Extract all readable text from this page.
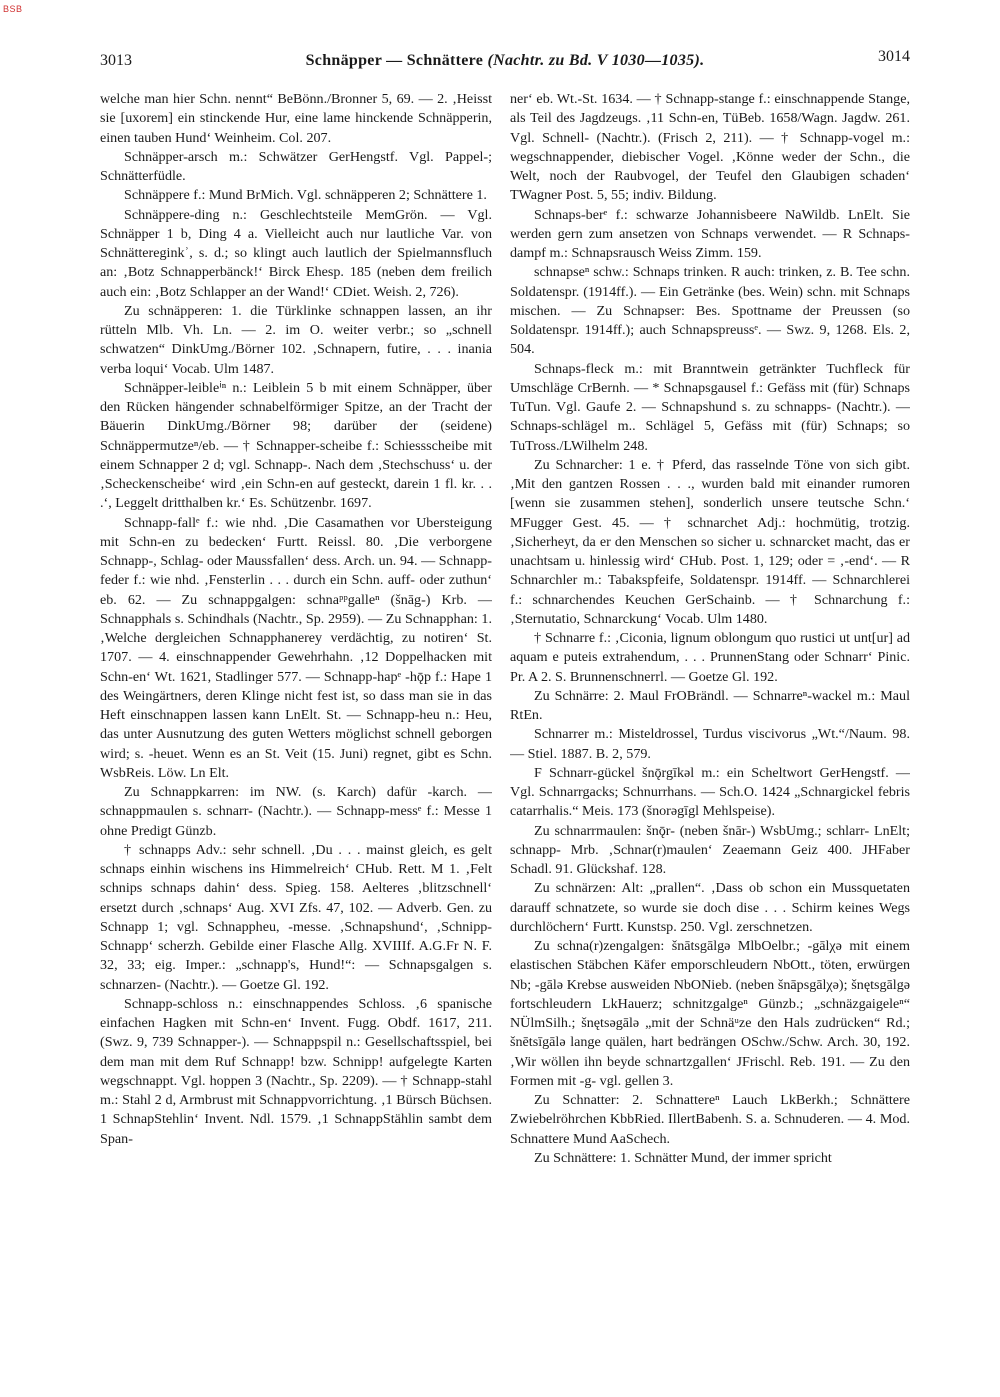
BSB
3013	Schnäpper — Schnättere (Nachtr. zu Bd. V 1030—1035).	3014

welche man hier Schn. nennt“ BeBönn./Bronner 5, 69. — 2. ‚Heisst sie [uxorem] ein stinckende Hur, eine lame hinckende Schnäpperin, einen tauben Hund‘ Weinheim. Col. 207.

Schnäpper-arsch m.: Schwätzer GerHengstf. Vgl. Pappel-; Schnätterfüdle.

Schnäppere f.: Mund BrMich. Vgl. schnäpperen 2; Schnättere 1.

Schnäppere-ding n.: Geschlechtsteile MemGrön. — Vgl. Schnäpper 1 b, Ding 4 a. Vielleicht auch nur lautliche Var. von Schnättereginkʾ, s. d.; so klingt auch lautlich der Spielmannsfluch an: ‚Botz Schnapperbänck!‘ Birck Ehesp. 185 (neben dem freilich auch ein: ‚Botz Schlapper an der Wand!‘ CDiet. Weish. 2, 726).

Zu schnäpperen: 1. die Türklinke schnappen lassen, an ihr rütteln Mlb. Vh. Ln. — 2. im O. weiter verbr.; so „schnell schwatzen“ DinkUmg./Börner 102. ‚Schnapern, futire, . . . inania verba loqui‘ Vocab. Ulm 1487.

Schnäpper-leibleⁱⁿ n.: Leiblein 5 b mit einem Schnäpper, über den Rücken hängender schnabelförmiger Spitze, an der Tracht der Bäuerin DinkUmg./Börner 98; darüber der (seidene) Schnäppermutzeⁿ/eb. — † Schnapper-scheibe f.: Schiessscheibe mit einem Schnapper 2 d; vgl. Schnapp-. Nach dem ‚Stechschuss‘ u. der ‚Scheckenscheibe‘ wird ‚ein Schn-en auf gesteckt, darein 1 fl. kr. . . .‘, Leggelt dritthalben kr.‘ Es. Schützenbr. 1697.

Schnapp-fallᵉ f.: wie nhd. ‚Die Casamathen vor Ubersteigung mit Schn-en zu bedecken‘ Furtt. Reissl. 80. ‚Die verborgene Schnapp-, Schlag- oder Maussfallen‘ dess. Arch. un. 94. — Schnapp-feder f.: wie nhd. ‚Fensterlin . . . durch ein Schn. auff- oder zuthun‘ eb. 62. — Zu schnappgalgen: schnaᵖᵖgalleⁿ (šnāg-) Krb. — Schnapphals s. Schindhals (Nachtr., Sp. 2959). — Zu Schnapphan: 1. ‚Welche dergleichen Schnapphanerey verdächtig, zu notiren‘ St. 1707. — 4. einschnappender Gewehrhahn. ‚12 Doppelhacken mit Schn-en‘ Wt. 1621, Stadlinger 577. — Schnapp-hapᵉ -hǭp f.: Hape 1 des Weingärtners, deren Klinge nicht fest ist, so dass man sie in das Heft einschnappen lassen kann LnElt. St. — Schnapp-heu n.: Heu, das unter Ausnutzung des guten Wetters möglichst schnell geborgen wird; s. -heuet. Wenn es an St. Veit (15. Juni) regnet, gibt es Schn. WsbReis. Löw. Ln Elt.

Zu Schnappkarren: im NW. (s. Karch) dafür -karch. — schnappmaulen s. schnarr- (Nachtr.). — Schnapp-messᵉ f.: Messe 1 ohne Predigt Günzb.

† schnapps Adv.: sehr schnell. ‚Du . . . mainst gleich, es gelt schnaps einhin wischens ins Himmelreich‘ CHub. Rett. M 1. ‚Felt schnips schnaps dahin‘ dess. Spieg. 158. Aelteres ‚blitzschnell‘ ersetzt durch ‚schnaps‘ Aug. XVI Zfs. 47, 102. — Adverb. Gen. zu Schnapp 1; vgl. Schnappheu, -messe. ‚Schnapshund‘, ‚Schnipp-Schnapp‘ scherzh. Gebilde einer Flasche Allg. XVIIIf. A.G.Fr N. F. 32, 33; eig. Imper.: „schnapp's, Hund!“: — Schnapsgalgen s. schnarzen- (Nachtr.). — Goetze Gl. 192.

Schnapp-schloss n.: einschnappendes Schloss. ‚6 spanische einfachen Hagken mit Schn-en‘ Invent. Fugg. Obdf. 1617, 211. (Swz. 9, 739 Schnapper-). — Schnappspil n.: Gesellschaftsspiel, bei dem man mit dem Ruf Schnapp! bzw. Schnipp! aufgelegte Karten wegschnappt. Vgl. hoppen 3 (Nachtr., Sp. 2209). — † Schnapp-stahl m.: Stahl 2 d, Armbrust mit Schnappvorrichtung. ‚1 Bürsch Büchsen. 1 SchnapStehlin‘ Invent. Ndl. 1579. ‚1 SchnappStählin sambt dem Span-

ner‘ eb. Wt.-St. 1634. — † Schnapp-stange f.: einschnappende Stange, als Teil des Jagdzeugs. ‚11 Schn-en, TüBeb. 1658/Wagn. Jagdw. 261. Vgl. Schnell- (Nachtr.). (Frisch 2, 211). — † Schnapp-vogel m.: wegschnappender, diebischer Vogel. ‚Könne weder der Schn., die Welt, noch der Raubvogel, der Teufel den Glaubigen schaden‘ TWagner Post. 5, 55; indiv. Bildung.

Schnaps-berᵉ f.: schwarze Johannisbeere NaWildb. LnElt. Sie werden gern zum ansetzen von Schnaps verwendet. — R Schnaps-dampf m.: Schnapsrausch Weiss Zimm. 159.

schnapseⁿ schw.: Schnaps trinken. R auch: trinken, z. B. Tee schn. Soldatenspr. (1914ff.). — Ein Getränke (bes. Wein) schn. mit Schnaps mischen. — Zu Schnapser: Bes. Spottname der Preussen (so Soldatenspr. 1914ff.); auch Schnapspreussᵉ. — Swz. 9, 1268. Els. 2, 504.

Schnaps-fleck m.: mit Branntwein getränkter Tuchfleck für Umschläge CrBernh. — * Schnapsgausel f.: Gefäss mit (für) Schnaps TuTun. Vgl. Gaufe 2. — Schnapshund s. zu schnapps- (Nachtr.). — Schnaps-schlägel m.. Schlägel 5, Gefäss mit (für) Schnaps; so TuTross./LWilhelm 248.

Zu Schnarcher: 1 e. † Pferd, das rasselnde Töne von sich gibt. ‚Mit den gantzen Rossen . . ., wurden bald mit einander rumoren [wenn sie zusammen stehen], sonderlich unsere teutsche Schn.‘ MFugger Gest. 45. — † schnarchet Adj.: hochmütig, trotzig. ‚Sicherheyt, da er den Menschen so sicher u. schnarcket macht, das er unachtsam u. hinlessig wird‘ CHub. Post. 1, 129; oder = ‚-end‘. — R Schnarchler m.: Tabakspfeife, Soldatenspr. 1914ff. — Schnarchlerei f.: schnarchendes Keuchen GerSchainb. — † Schnarchung f.: ‚Sternutatio, Schnarckung‘ Vocab. Ulm 1480.

† Schnarre f.: ‚Ciconia, lignum oblongum quo rustici ut unt[ur] ad aquam e puteis extrahendum, . . . PrunnenStang oder Schnarr‘ Pinic. Pr. A 2. S. Brunnenschnerrl. — Goetze Gl. 192.

Zu Schnärre: 2. Maul FrOBrändl. — Schnarreⁿ-wackel m.: Maul RtEn.

Schnarrer m.: Misteldrossel, Turdus viscivorus „Wt.“/Naum. 98. — Stiel. 1887. B. 2, 579.

F Schnarr-gückel šnǭrgīkəl m.: ein Scheltwort GerHengstf. — Vgl. Schnarrgacks; Schnurrhans. — Sch.O. 1424 „Schnargickel febris catarrhalis.“ Meis. 173 (šnorəgīgl Mehlspeise).

Zu schnarrmaulen: šnǭr- (neben šnār-) WsbUmg.; schlarr- LnElt; schnapp- Mrb. ‚Schnar(r)maulen‘ Zeaemann Geiz 400. JHFaber Schadl. 91. Glückshaf. 128.

Zu schnärzen: Alt: „prallen“. ‚Dass ob schon ein Mussquetaten darauff schnatzete, so wurde sie doch dise . . . Schirm keines Wegs durchlöchern‘ Furtt. Kunstsp. 250. Vgl. zerschnetzen.

Zu schna(r)zengalgen: šnātsgālgə MlbOelbr.; -gālχə mit einem elastischen Stäbchen Käfer emporschleudern NbOtt., töten, erwürgen Nb; -gālə Krebse ausweiden NbONieb. (neben šnāpsgālχə); šnętsgālgə fortschleudern LkHauerz; schnitzgalgeⁿ Günzb.; „schnäzgaigeleⁿ“ NÜlmSilh.; šnętsəgālə „mit der Schnäᵘze den Hals zudrücken“ Rd.; šnētsīgālə lange quälen, hart bedrängen OSchw./Schw. Arch. 30, 192. ‚Wir wöllen ihn beyde schnartzgallen‘ JFrischl. Reb. 191. — Zu den Formen mit -g- vgl. gellen 3.

Zu Schnatter: 2. Schnattereⁿ Lauch LkBerkh.; Schnättere Zwiebelröhrchen KbbRied. IllertBabenh. S. a. Schnuderen. — 4. Mod. Schnattere Mund AaSchech.

Zu Schnättere: 1. Schnätter Mund, der immer spricht
